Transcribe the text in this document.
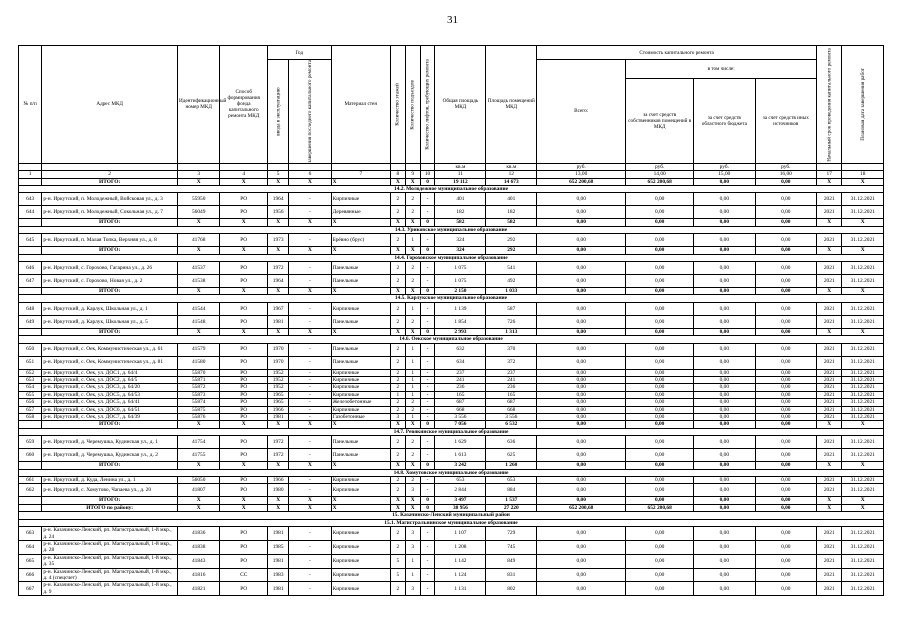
31
№ п/п	Адрес МКД	Идентификационный номер МКД	Способ формирования фонда капитального ремонта МКД	Год		Материал стен	Количество этажей	Количество подъездов	Количество лифтов, требующих ремонта	Общая площадь МКД	Площадь помещений МКД	Стоимость капитального ремонта				Начальный срок проведения капитального ремонта	Плановая дата завершения работ
				ввода в эксплуатацию	завершения последнего капитального ремонта							Всего:	в том числе:				
													за счет средств собственников помещений в МКД	за счет средств областного бюджета	за счет средств иных источников		
										кв.м	кв.м	руб.	руб.	руб.	руб.		
1	2	3	4	5	6	7	8	9	10	11	12	13,00	14,00	15,00	16,00	17	18
	ИТОГО:	X	X	X	X	X	X	X	0	19 112	14 673	652 200,68	652 200,68	0,00	0,00	X	X
14.2. Молодежное муниципальное образование																	
643	р-н. Иркутский, п. Молодежный, Войсковая ул., д. 3	55950	РО	1964	-	Кирпичные	2	2	-	401	401	0,00	0,00	0,00	0,00	2021	31.12.2021
644	р-н. Иркутский, п. Молодежный, Сокольная ул., д. 7	56049	РО	1956	-	Деревянные	2	2	-	182	182	0,00	0,00	0,00	0,00	2021	31.12.2021
	ИТОГО:	X	X	X	X	X	X	X	0	582	582	0,00	0,00	0,00	0,00	X	X
14.3. Уриковское муниципальное образование																	
645	р-н. Иркутский, п. Малая Топка, Верхняя ул., д. 8	41768	РО	1973	-	Брёвно (брус)	2	1	-	324	292	0,00	0,00	0,00	0,00	2021	31.12.2021
	ИТОГО:	X	X	X	X	X	X	X	0	324	292	0,00	0,00	0,00	0,00	X	X
14.4. Гороховское муниципальное образование																	
646	р-н. Иркутский, с. Горохово, Гагарина ул., д. 26	41537	РО	1972	-	Панельные	2	2	-	1 075	541	0,00	0,00	0,00	0,00	2021	31.12.2021
647	р-н. Иркутский, с. Горохово, Новая ул., д. 2	41538	РО	1964	-	Панельные	2	2	-	1 075	492	0,00	0,00	0,00	0,00	2021	31.12.2021
	ИТОГО:	X	X	X	X	X	X	X	0	2 150	1 033	0,00	0,00	0,00	0,00	X	X
14.5. Карлукское муниципальное образование																	
648	р-н. Иркутский, д. Карлук, Школьная ул., д. 1	41544	РО	1967	-	Кирпичные	2	1	-	1 139	587	0,00	0,00	0,00	0,00	2021	31.12.2021
649	р-н. Иркутский, д. Карлук, Школьная ул., д. 5	41548	РО	1981	-	Панельные	2	2	-	1 854	726	0,00	0,00	0,00	0,00	2021	31.12.2021
	ИТОГО:	X	X	X	X	X	X	X	0	2 993	1 313	0,00	0,00	0,00	0,00	X	X
14.6. Оекское муниципальное образование																	
650	р-н. Иркутский, с. Оек, Коммунистическая ул., д. 61	41579	РО	1970	-	Панельные	2	1	-	632	370	0,00	0,00	0,00	0,00	2021	31.12.2021
651	р-н. Иркутский, с. Оек, Коммунистическая ул., д. 81	41580	РО	1970	-	Панельные	2	1	-	634	372	0,00	0,00	0,00	0,00	2021	31.12.2021
652	р-н. Иркутский, с. Оек, ул. ДОС1, д. 64/4	55870	РО	1952	-	Кирпичные	2	1	-	237	237	0,00	0,00	0,00	0,00	2021	31.12.2021
653	р-н. Иркутский, с. Оек, ул. ДОС2, д. 64/5	55871	РО	1952	-	Кирпичные	2	1	-	241	241	0,00	0,00	0,00	0,00	2021	31.12.2021
654	р-н. Иркутский, с. Оек, ул. ДОС3, д. 64/20	55872	РО	1952	-	Кирпичные	2	1	-	236	236	0,00	0,00	0,00	0,00	2021	31.12.2021
655	р-н. Иркутский, с. Оек, ул. ДОС5, д. 64/53	55873	РО	1965	-	Кирпичные	1	1	-	165	165	0,00	0,00	0,00	0,00	2021	31.12.2021
656	р-н. Иркутский, с. Оек, ул. ДОС5, д. 64/41	55874	РО	1965	-	Железобетонные	2	2	-	687	687	0,00	0,00	0,00	0,00	2021	31.12.2021
657	р-н. Иркутский, с. Оек, ул. ДОС6, д. 64/51	55875	РО	1966	-	Кирпичные	2	2	-	668	668	0,00	0,00	0,00	0,00	2021	31.12.2021
658	р-н. Иркутский, с. Оек, ул. ДОС7, д. 64/39	55876	РО	1981	-	Газобетонные	3	1	-	3 556	3 556	0,00	0,00	0,00	0,00	2021	31.12.2021
	ИТОГО:	X	X	X	X	X	X	X	0	7 056	6 532	0,00	0,00	0,00	0,00	X	X
14.7. Ревякинское муниципальное образование																	
659	р-н. Иркутский, д. Черемушка, Кудинская ул., д. 1	41754	РО	1972	-	Панельные	2	2	-	1 629	636	0,00	0,00	0,00	0,00	2021	31.12.2021
660	р-н. Иркутский, д. Черемушка, Кудинская ул., д. 2	41755	РО	1972	-	Панельные	2	2	-	1 613	625	0,00	0,00	0,00	0,00	2021	31.12.2021
	ИТОГО:	X	X	X	X	X	X	X	0	3 242	1 260	0,00	0,00	0,00	0,00	X	X
14.8. Хомутовское муниципальное образование																	
661	р-н. Иркутский, д. Куда, Ленина ул., д. 1	56050	РО	1966	-	Кирпичные	2	2	-	653	653	0,00	0,00	0,00	0,00	2021	31.12.2021
662	р-н. Иркутский, с. Хомутово, Чапаева ул., д. 20	41807	РО	1980	-	Кирпичные	2	3	-	2 844	884	0,00	0,00	0,00	0,00	2021	31.12.2021
	ИТОГО:	X	X	X	X	X	X	X	0	3 497	1 537	0,00	0,00	0,00	0,00	X	X
	ИТОГО по району:	X	X	X	X	X	X	X	0	38 956	27 220	652 200,68	652 200,68	0,00	0,00	X	X
15. Казачинско-Ленский муниципальный район																	
15.1. Магистральнинское муниципальное образование																	
663	р-н. Казачинско-Ленский, рп. Магистральный, 1-й мкр., д. 24	41836	РО	1981	-	Кирпичные	2	3	-	1 107	729	0,00	0,00	0,00	0,00	2021	31.12.2021
664	р-н. Казачинско-Ленский, рп. Магистральный, 1-й мкр., д. 28	41838	РО	1985	-	Кирпичные	2	3	-	1 208	745	0,00	0,00	0,00	0,00	2021	31.12.2021
665	р-н. Казачинско-Ленский, рп. Магистральный, 1-й мкр., д. 35	41843	РО	1981	-	Кирпичные	5	1	-	1 142	849	0,00	0,00	0,00	0,00	2021	31.12.2021
666	р-н. Казачинско-Ленский, рп. Магистральный, 1-й мкр., д. 4 (спецсчет)	41816	СС	1983	-	Кирпичные	5	1	-	1 124	831	0,00	0,00	0,00	0,00	2021	31.12.2021
667	р-н. Казачинско-Ленский, рп. Магистральный, 1-й мкр., д. 9	41821	РО	1981	-	Кирпичные	2	3	-	1 131	802	0,00	0,00	0,00	0,00	2021	31.12.2021
